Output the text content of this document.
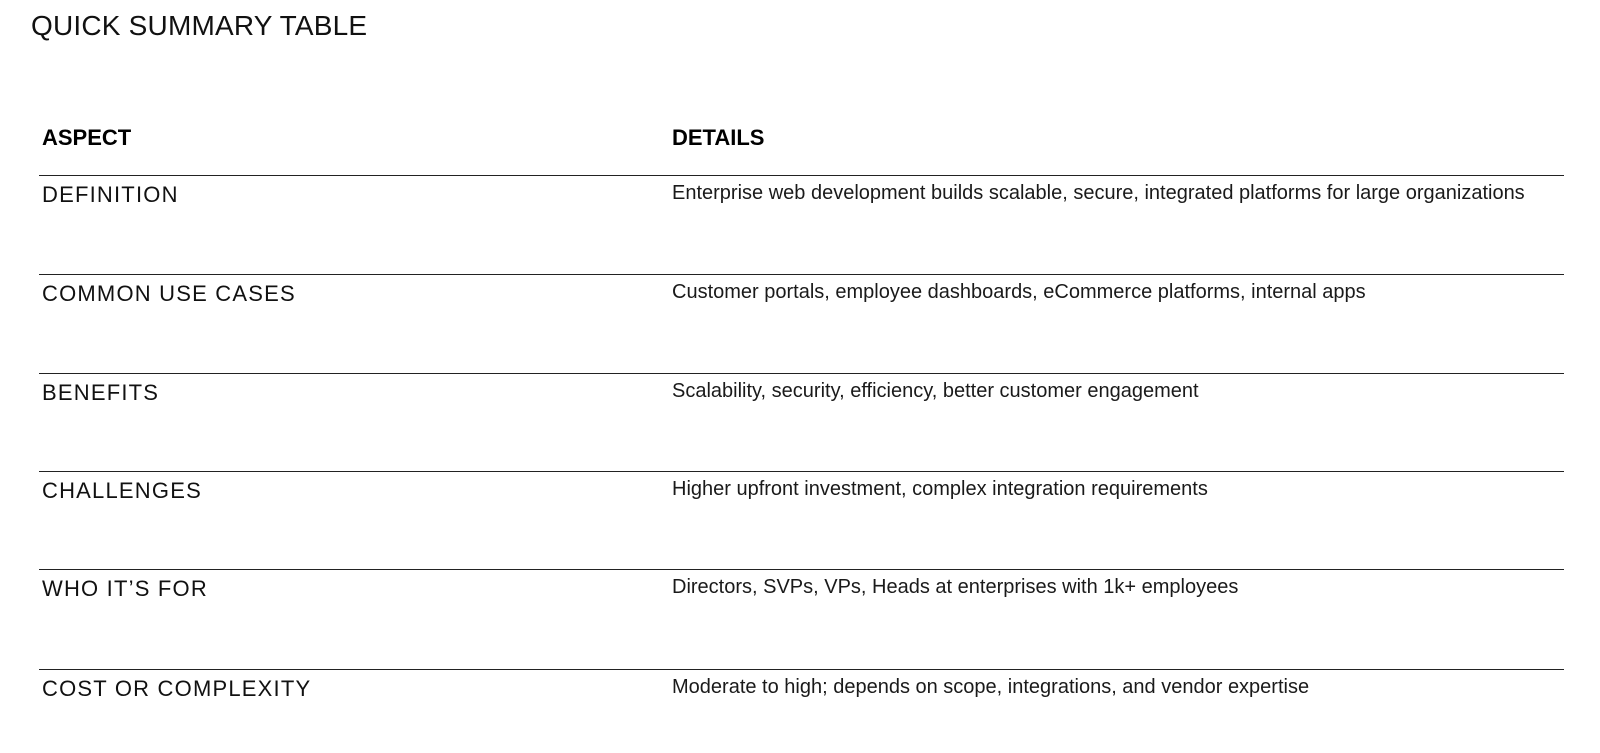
QUICK SUMMARY TABLE
ASPECT	DETAILS
DEFINITION	Enterprise web development builds scalable, secure, integrated platforms for large organizations
COMMON USE CASES	Customer portals, employee dashboards, eCommerce platforms, internal apps
BENEFITS	Scalability, security, efficiency, better customer engagement
CHALLENGES	Higher upfront investment, complex integration requirements
WHO IT’S FOR	Directors, SVPs, VPs, Heads at enterprises with 1k+ employees
COST OR COMPLEXITY	Moderate to high; depends on scope, integrations, and vendor expertise
